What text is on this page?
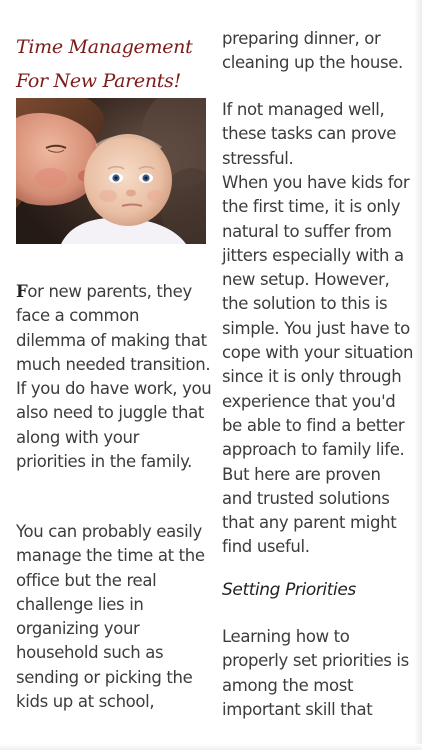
Time Management For New Parents!

For new parents, they face a common dilemma of making that much needed transition. If you do have work, you also need to juggle that along with your priorities in the family.

You can probably easily manage the time at the office but the real challenge lies in organizing your household such as sending or picking the kids up at school,

preparing dinner, or cleaning up the house.

If not managed well, these tasks can prove stressful.

When you have kids for the first time, it is only natural to suffer from jitters especially with a new setup. However, the solution to this is simple. You just have to cope with your situation since it is only through experience that you'd be able to find a better approach to family life. But here are proven and trusted solutions that any parent might find useful.

Setting Priorities

Learning how to properly set priorities is among the most important skill that
